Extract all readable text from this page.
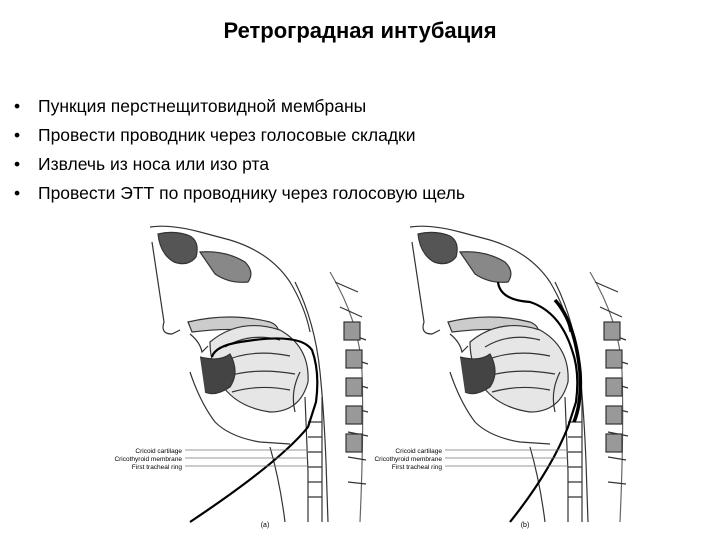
Ретроградная интубация
• Пункция перстнещитовидной мембраны
• Провести проводник через голосовые складки
• Извлечь из носа или изо рта
• Провести ЭТТ по проводнику через голосовую щель
Cricoid cartilage
Cricothyroid membrane
First tracheal ring
(a)
Cricoid cartilage
Cricothyroid membrane
First tracheal ring
(b)
